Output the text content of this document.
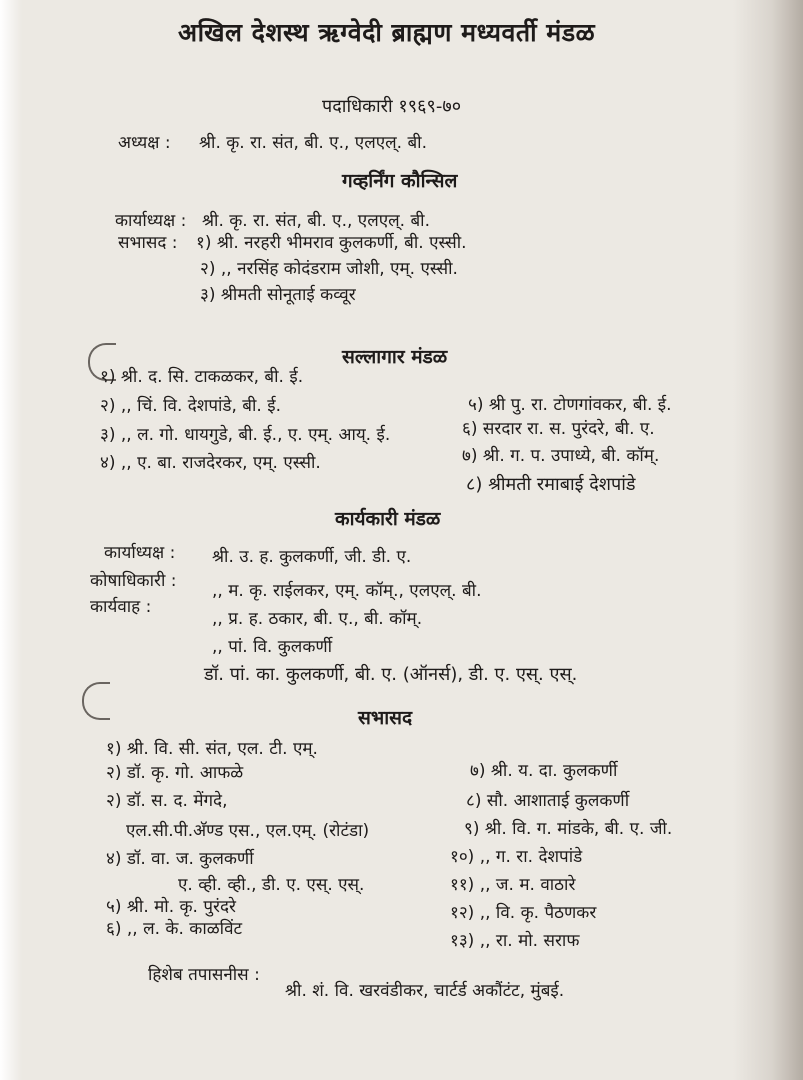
अखिल देशस्थ ऋग्वेदी ब्राह्मण मध्यवर्ती मंडळ
पदाधिकारी १९६९-७०
अध्यक्ष : श्री. कृ. रा. संत, बी. ए., एलएल्. बी.
गव्हर्निंग कौन्सिल
कार्याध्यक्ष : श्री. कृ. रा. संत, बी. ए., एलएल्. बी.
सभासद : १) श्री. नरहरी भीमराव कुलकर्णी, बी. एस्सी.
२) ,, नरसिंह कोदंडराम जोशी, एम्. एस्सी.
३) श्रीमती सोनूताई कव्वूर
सल्लागार मंडळ
१) श्री. द. सि. टाकळकर, बी. ई.
२) ,, चिं. वि. देशपांडे, बी. ई.
३) ,, ल. गो. धायगुडे, बी. ई., ए. एम्. आय्. ई.
४) ,, ए. बा. राजदेरकर, एम्. एस्सी.
५) श्री पु. रा. टोणगांवकर, बी. ई.
६) सरदार रा. स. पुरंदरे, बी. ए.
७) श्री. ग. प. उपाध्ये, बी. कॉम्.
८) श्रीमती रमाबाई देशपांडे
कार्यकारी मंडळ
कार्याध्यक्ष : श्री. उ. ह. कुलकर्णी, जी. डी. ए.
कोषाधिकारी : ,, म. कृ. राईलकर, एम्. कॉम्., एलएल्. बी.
कार्यवाह :
,, प्र. ह. ठकार, बी. ए., बी. कॉम्.
,, पां. वि. कुलकर्णी
डॉ. पां. का. कुलकर्णी, बी. ए. (ऑनर्स), डी. ए. एस्. एस्.
सभासद
१) श्री. वि. सी. संत, एल. टी. एम्.
२) डॉ. कृ. गो. आफळे
२) डॉ. स. द. मेंगदे,
एल.सी.पी.अ‍ॅण्ड एस., एल.एम्. (रोटंडा)
४) डॉ. वा. ज. कुलकर्णी
ए. व्ही. व्ही., डी. ए. एस्. एस्.
५) श्री. मो. कृ. पुरंदरे
६) ,, ल. के. काळविंट
७) श्री. य. दा. कुलकर्णी
८) सौ. आशाताई कुलकर्णी
९) श्री. वि. ग. मांडके, बी. ए. जी.
१०) ,, ग. रा. देशपांडे
११) ,, ज. म. वाठारे
१२) ,, वि. कृ. पैठणकर
१३) ,, रा. मो. सराफ
हिशेब तपासनीस :
श्री. शं. वि. खरवंडीकर, चार्टर्ड अकौंटंट, मुंबई.
